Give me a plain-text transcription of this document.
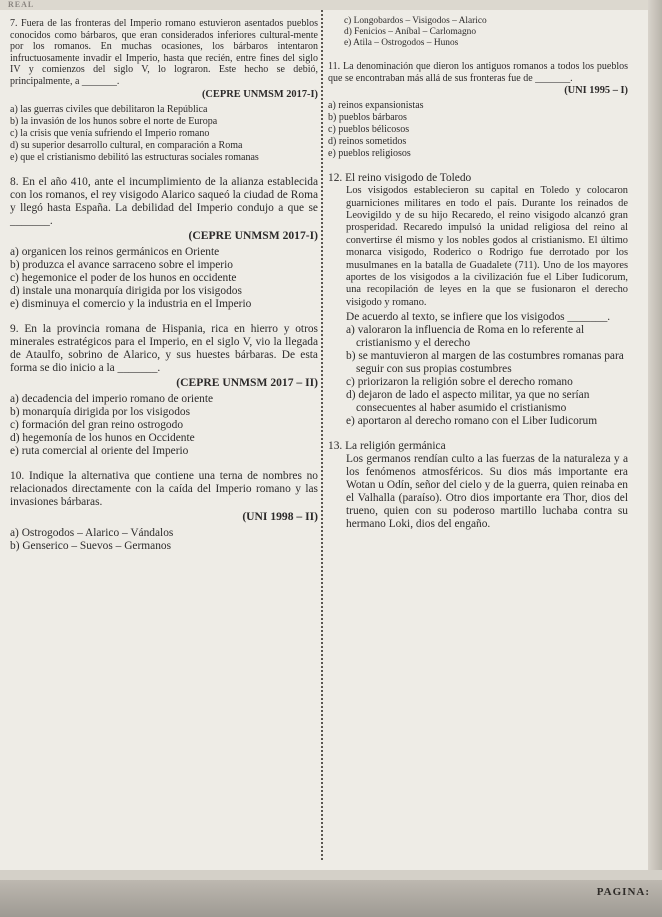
REAL

7. Fuera de las fronteras del Imperio romano estuvieron asentados pueblos conocidos como bárbaros, que eran considerados inferiores cultural-mente por los romanos. En muchas ocasiones, los bárbaros intentaron infructuosamente invadir el Imperio, hasta que recién, entre fines del siglo IV y comienzos del siglo V, lo lograron. Este hecho se debió, principalmente, a _______.

(CEPRE UNMSM 2017-I)

a) las guerras civiles que debilitaron la República

b) la invasión de los hunos sobre el norte de Europa

c) la crisis que venía sufriendo el Imperio romano

d) su superior desarrollo cultural, en comparación a Roma

e) que el cristianismo debilitó las estructuras sociales romanas

8. En el año 410, ante el incumplimiento de la alianza establecida con los romanos, el rey visigodo Alarico saqueó la ciudad de Roma y llegó hasta España. La debilidad del Imperio condujo a que se _______.

(CEPRE UNMSM 2017-I)

a) organicen los reinos germánicos en Oriente

b) produzca el avance sarraceno sobre el imperio

c) hegemonice el poder de los hunos en occidente

d) instale una monarquía dirigida por los visigodos

e) disminuya el comercio y la industria en el Imperio

9. En la provincia romana de Hispania, rica en hierro y otros minerales estratégicos para el Imperio, en el siglo V, vio la llegada de Ataulfo, sobrino de Alarico, y sus huestes bárbaras. De esta forma se dio inicio a la _______.

(CEPRE UNMSM 2017 – II)

a) decadencia del imperio romano de oriente

b) monarquía dirigida por los visigodos

c) formación del gran reino ostrogodo

d) hegemonía de los hunos en Occidente

e) ruta comercial al oriente del Imperio

10. Indique la alternativa que contiene una terna de nombres no relacionados directamente con la caída del Imperio romano y las invasiones bárbaras.

(UNI 1998 – II)

a) Ostrogodos – Alarico – Vándalos

b) Genserico – Suevos – Germanos

c) Longobardos – Visigodos – Alarico

d) Fenicios – Aníbal – Carlomagno

e) Atila – Ostrogodos – Hunos

11. La denominación que dieron los antiguos romanos a todos los pueblos que se encontraban más allá de sus fronteras fue de _______.

(UNI 1995 – I)

a) reinos expansionistas

b) pueblos bárbaros

c) pueblos bélicosos

d) reinos sometidos

e) pueblos religiosos

12. El reino visigodo de Toledo

Los visigodos establecieron su capital en Toledo y colocaron guarniciones militares en todo el país. Durante los reinados de Leovigildo y de su hijo Recaredo, el reino visigodo alcanzó gran prosperidad. Recaredo impulsó la unidad religiosa del reino al convertirse él mismo y los nobles godos al cristianismo. El último monarca visigodo, Roderico o Rodrigo fue derrotado por los musulmanes en la batalla de Guadalete (711). Uno de los mayores aportes de los visigodos a la civilización fue el Liber Iudicorum, una recopilación de leyes en la que se fusionaron el derecho visigodo y romano.

De acuerdo al texto, se infiere que los visigodos _______.

a) valoraron la influencia de Roma en lo referente al cristianismo y el derecho

b) se mantuvieron al margen de las costumbres romanas para seguir con sus propias costumbres

c) priorizaron la religión sobre el derecho romano

d) dejaron de lado el aspecto militar, ya que no serían consecuentes al haber asumido el cristianismo

e) aportaron al derecho romano con el Liber Iudicorum

13. La religión germánica

Los germanos rendían culto a las fuerzas de la naturaleza y a los fenómenos atmosféricos. Su dios más importante era Wotan u Odín, señor del cielo y de la guerra, quien reinaba en el Valhalla (paraíso). Otro dios importante era Thor, dios del trueno, quien con su poderoso martillo luchaba contra su hermano Loki, dios del engaño.

PAGINA:
